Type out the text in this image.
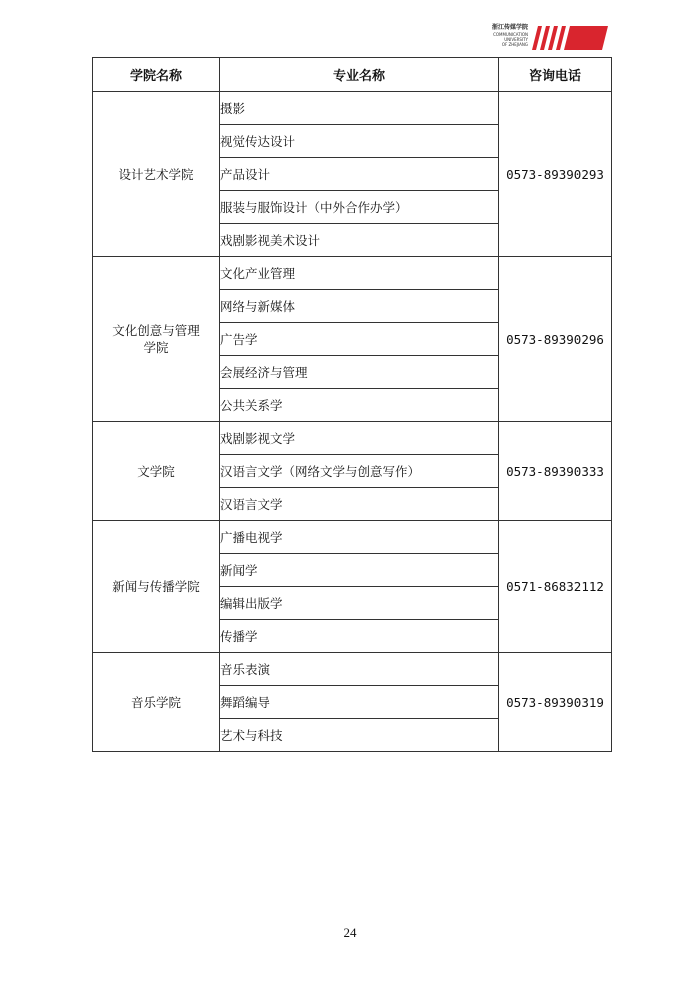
浙江传媒学院
COMMUNICATION
UNIVERSITY
OF ZHEJIANG
学院名称	专业名称	咨询电话
设计艺术学院	摄影	0573-89390293
	视觉传达设计	
	产品设计	
	服装与服饰设计（中外合作办学）	
	戏剧影视美术设计	
文化创意与管理
学院	文化产业管理	0573-89390296
	网络与新媒体	
	广告学	
	会展经济与管理	
	公共关系学	
文学院	戏剧影视文学	0573-89390333
	汉语言文学（网络文学与创意写作）	
	汉语言文学	
新闻与传播学院	广播电视学	0571-86832112
	新闻学	
	编辑出版学	
	传播学	
音乐学院	音乐表演	0573-89390319
	舞蹈编导	
	艺术与科技	
24
